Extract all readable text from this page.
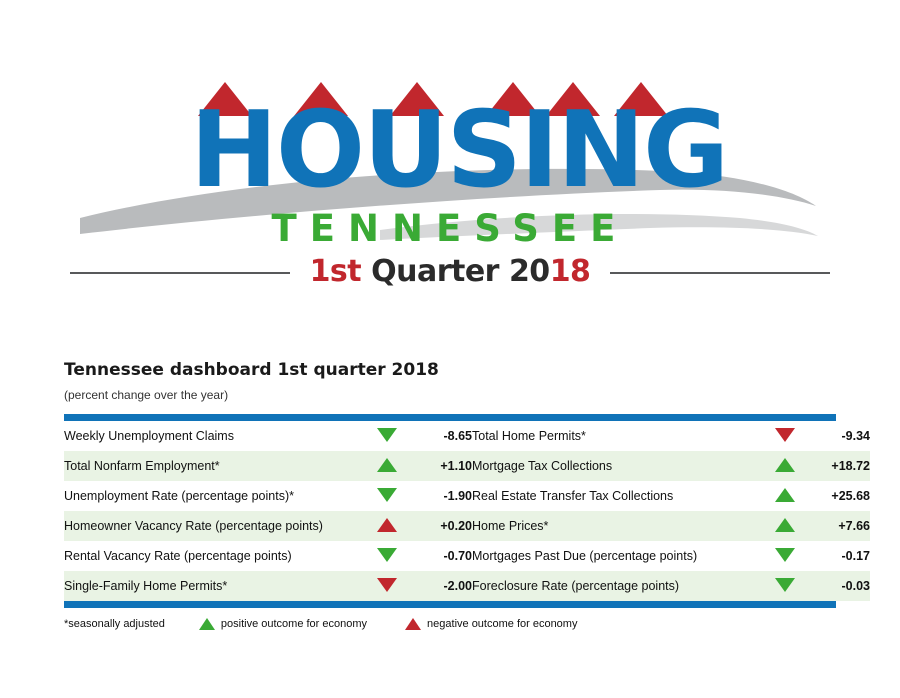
HOUSING
TENNESSEE
1st Quarter 2018
Tennessee dashboard 1st quarter 2018
(percent change over the year)
Weekly Unemployment Claims		-8.65	Total Home Permits*		-9.34
Total Nonfarm Employment*		+1.10	Mortgage Tax Collections		+18.72
Unemployment Rate (percentage points)*		-1.90	Real Estate Transfer Tax Collections		+25.68
Homeowner Vacancy Rate (percentage points)		+0.20	Home Prices*		+7.66
Rental Vacancy Rate (percentage points)		-0.70	Mortgages Past Due (percentage points)		-0.17
Single-Family Home Permits*		-2.00	Foreclosure Rate (percentage points)		-0.03
*seasonally adjusted	positive outcome for economy	negative outcome for economy
